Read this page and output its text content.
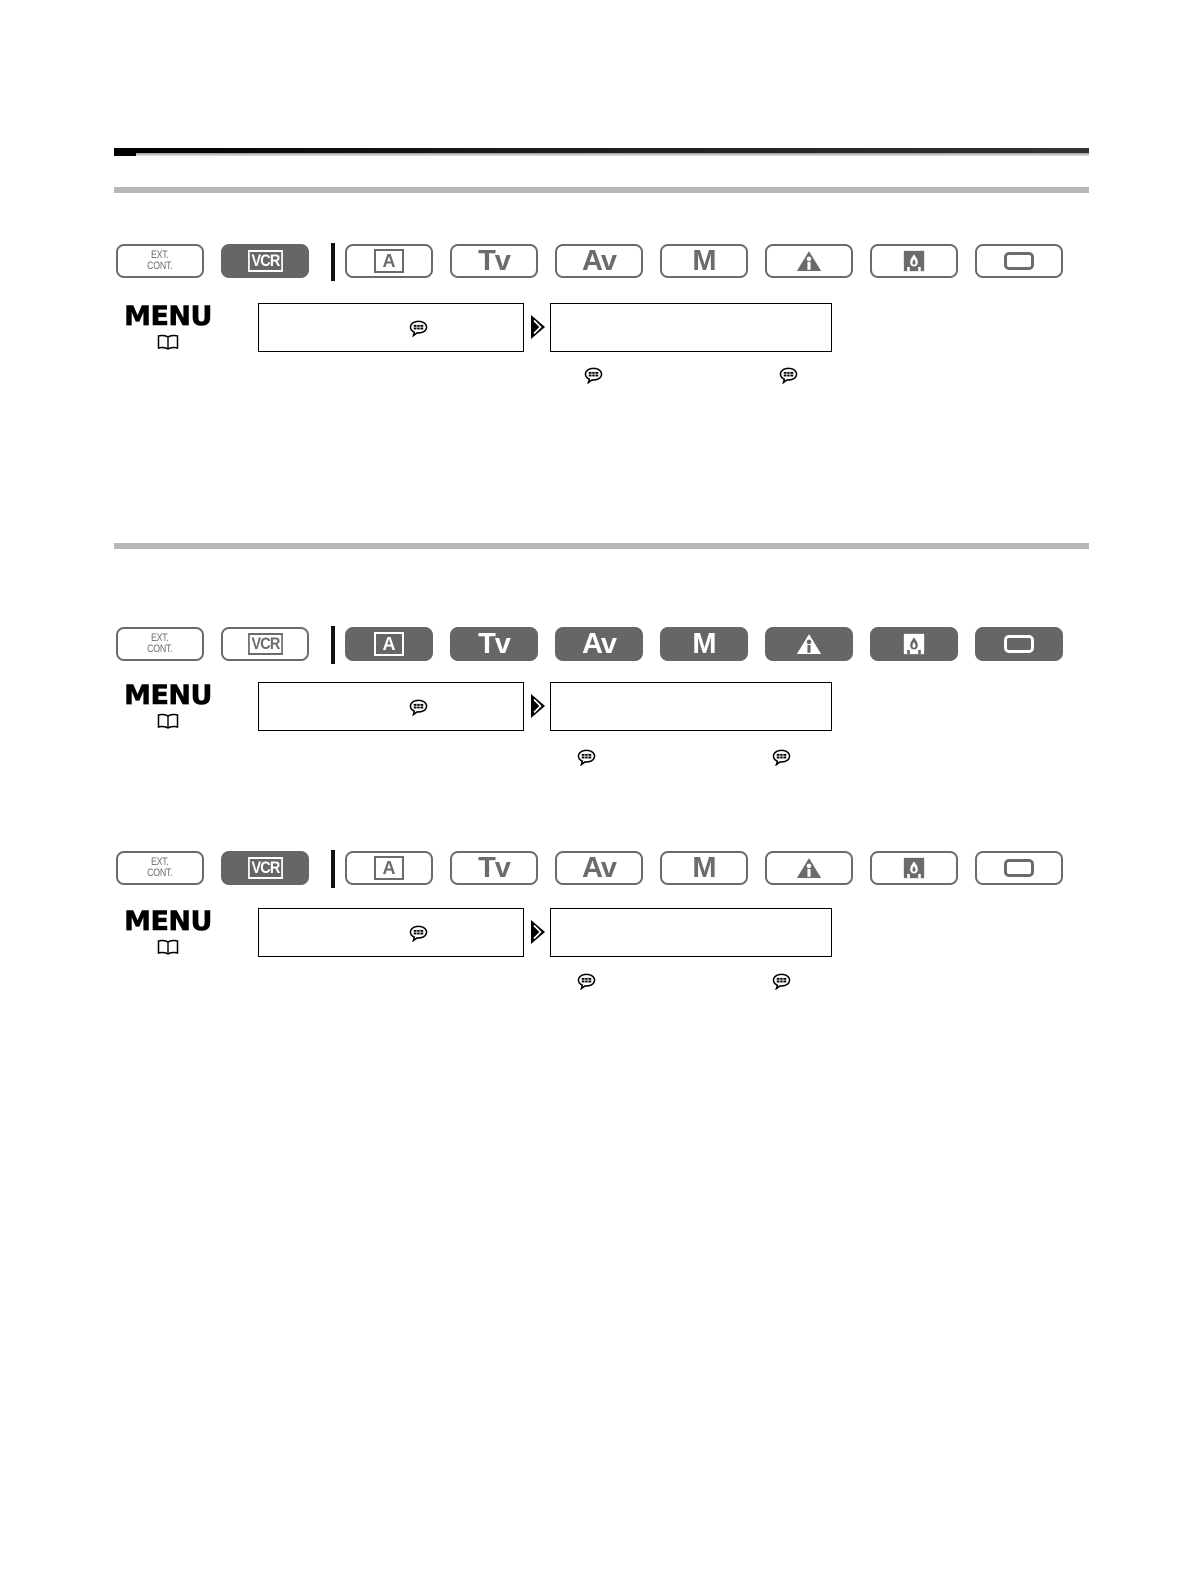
EXT.
CONT.	VCR	A	Tv Av	M
MENU
EXT.
CONT.	VCR	A	Tv Av	M
MENU
EXT.
CONT.	VCR	A	Tv Av	M
MENU
